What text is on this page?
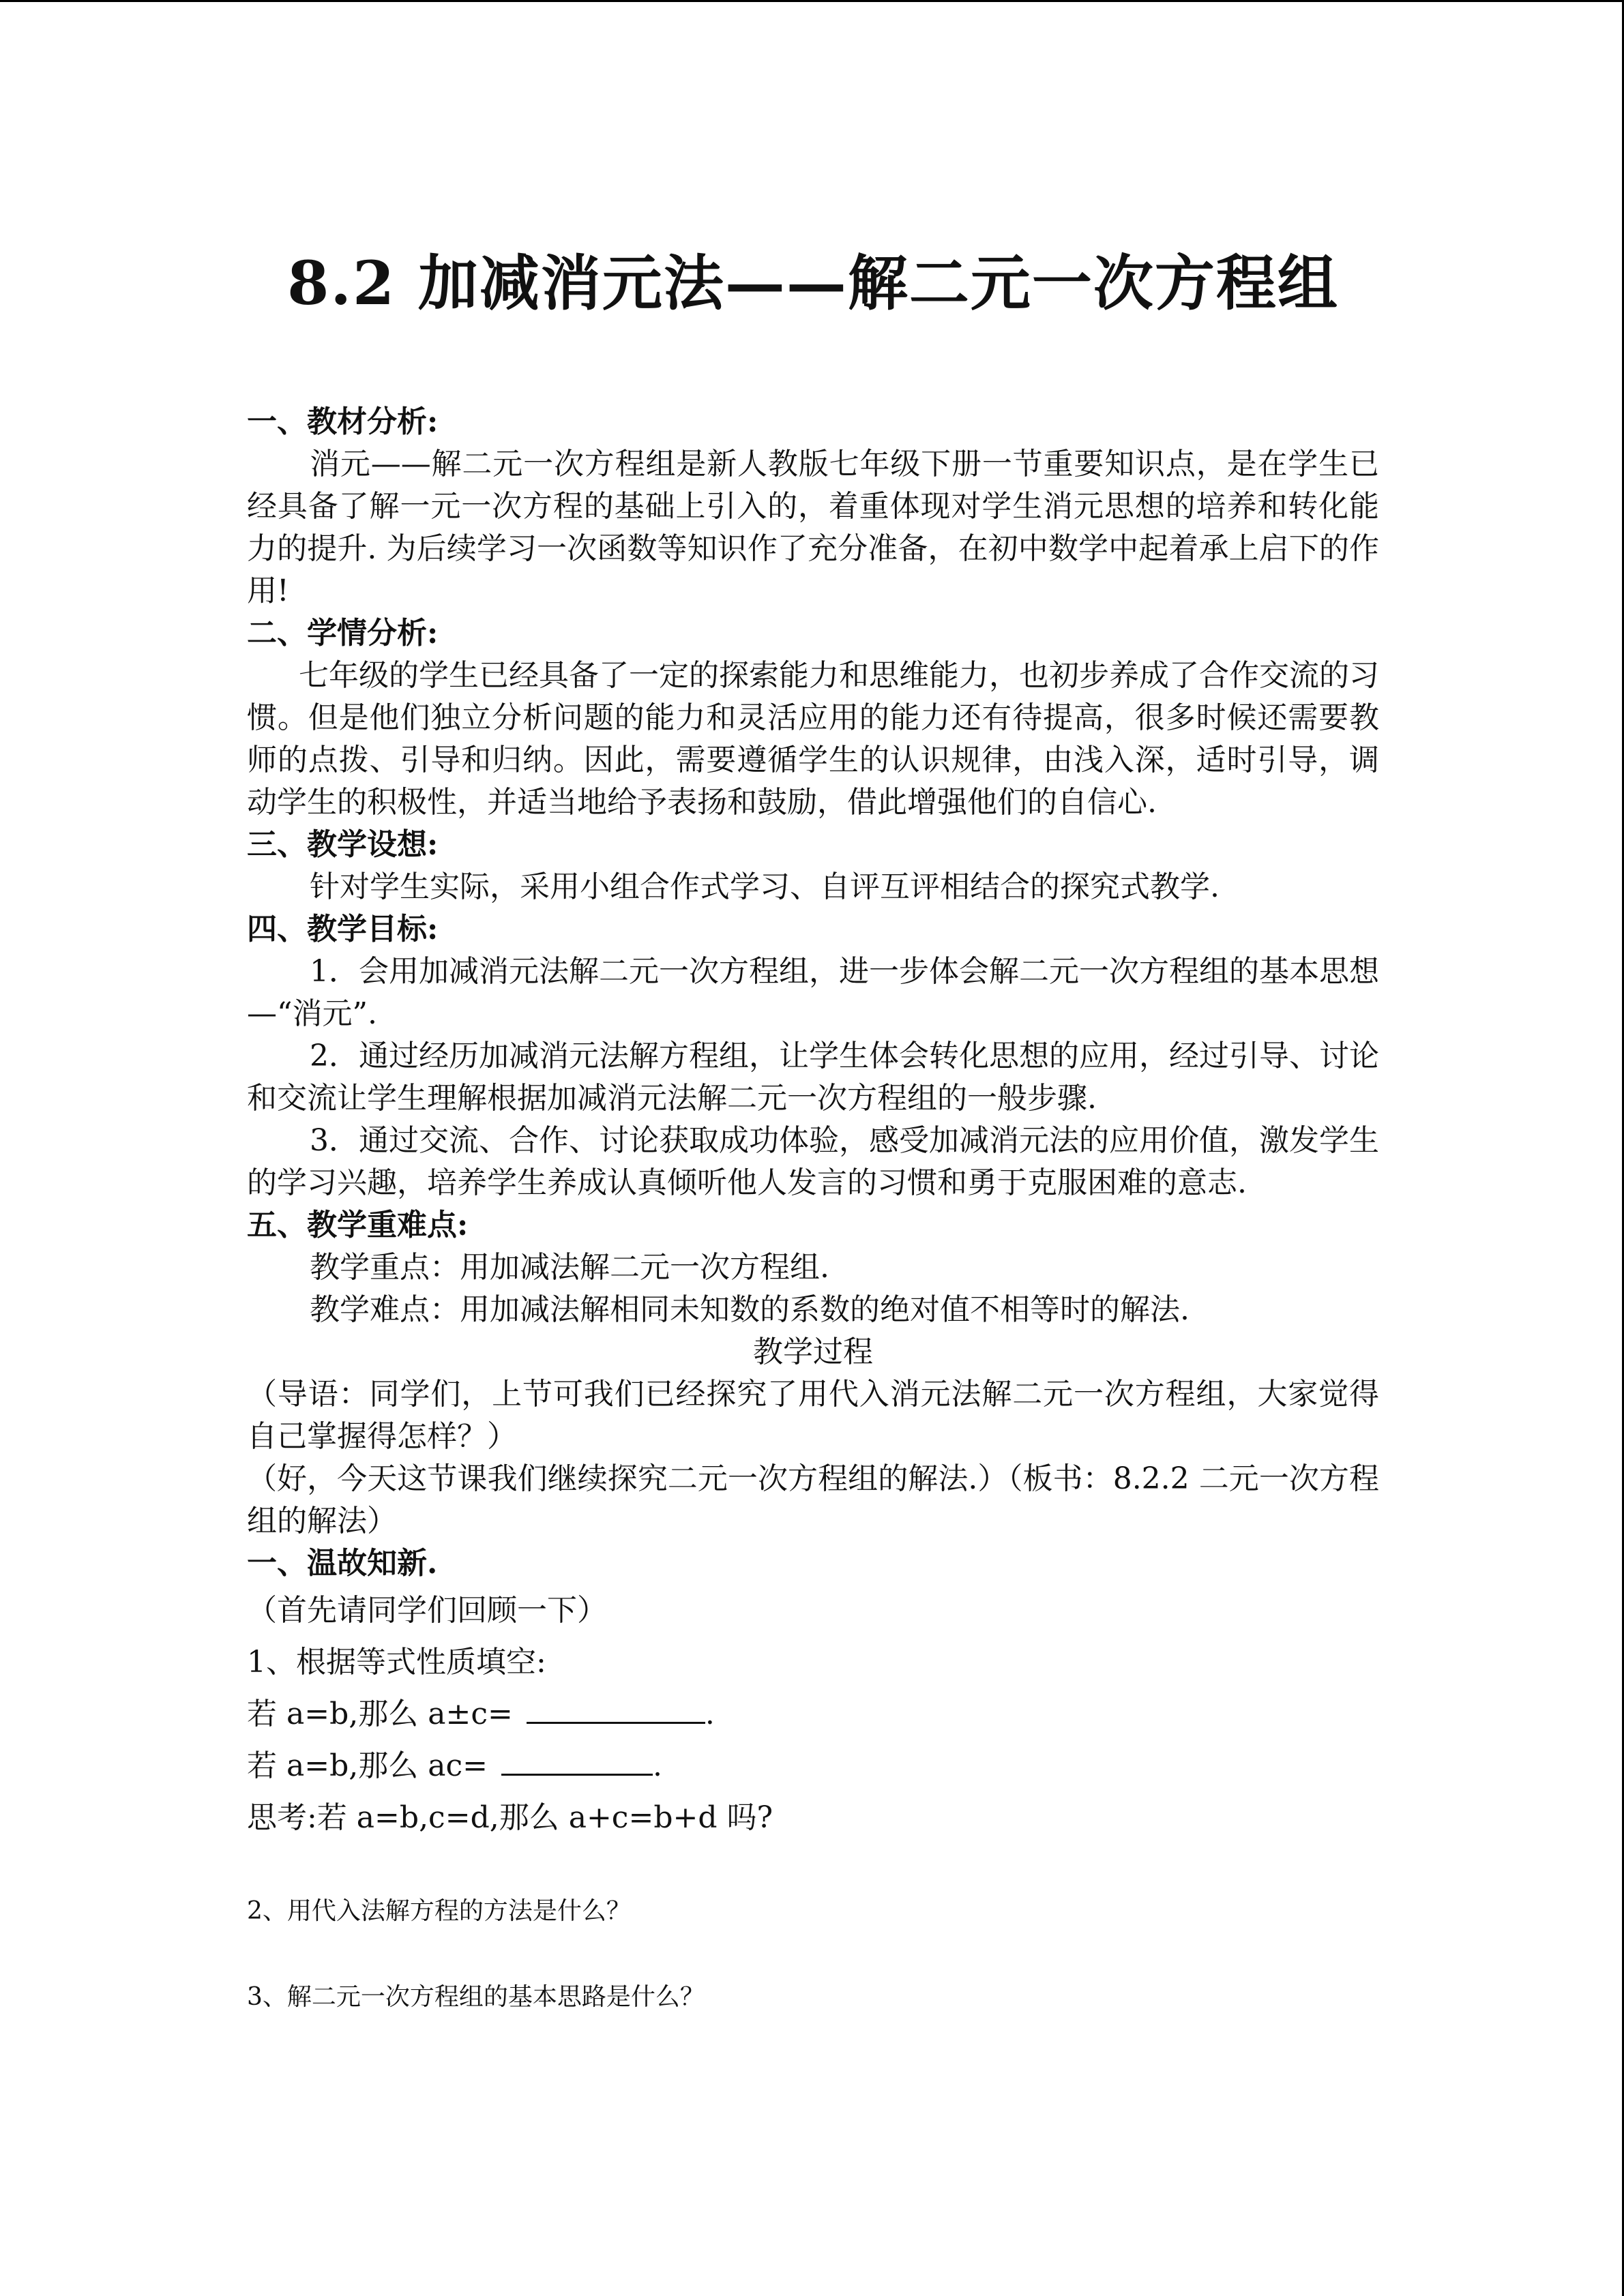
8.2 加减消元法——解二元一次方程组

一、教材分析:

消元——解二元一次方程组是新人教版七年级下册一节重要知识点，是在学生已经具备了解一元一次方程的基础上引入的，着重体现对学生消元思想的培养和转化能力的提升. 为后续学习一次函数等知识作了充分准备，在初中数学中起着承上启下的作用!

二、学情分析:

七年级的学生已经具备了一定的探索能力和思维能力，也初步养成了合作交流的习惯。但是他们独立分析问题的能力和灵活应用的能力还有待提高，很多时候还需要教师的点拨、引导和归纳。因此，需要遵循学生的认识规律，由浅入深，适时引导，调动学生的积极性，并适当地给予表扬和鼓励，借此增强他们的自信心.

三、教学设想:

针对学生实际，采用小组合作式学习、自评互评相结合的探究式教学.

四、教学目标:

1．会用加减消元法解二元一次方程组，进一步体会解二元一次方程组的基本思想—“消元”.

2．通过经历加减消元法解方程组，让学生体会转化思想的应用，经过引导、讨论和交流让学生理解根据加减消元法解二元一次方程组的一般步骤.

3．通过交流、合作、讨论获取成功体验，感受加减消元法的应用价值，激发学生的学习兴趣，培养学生养成认真倾听他人发言的习惯和勇于克服困难的意志.

五、教学重难点:

教学重点：用加减法解二元一次方程组.

教学难点：用加减法解相同未知数的系数的绝对值不相等时的解法.

教学过程

（导语：同学们，上节可我们已经探究了用代入消元法解二元一次方程组，大家觉得自己掌握得怎样？）

（好，今天这节课我们继续探究二元一次方程组的解法.）（板书：8.2.2 二元一次方程组的解法）

一、温故知新.

（首先请同学们回顾一下）

1、根据等式性质填空:

若 a=b,那么 a±c=	.

若 a=b,那么 ac=	.

思考:若 a=b,c=d,那么 a+c=b+d 吗?

2、用代入法解方程的方法是什么？

3、解二元一次方程组的基本思路是什么？
